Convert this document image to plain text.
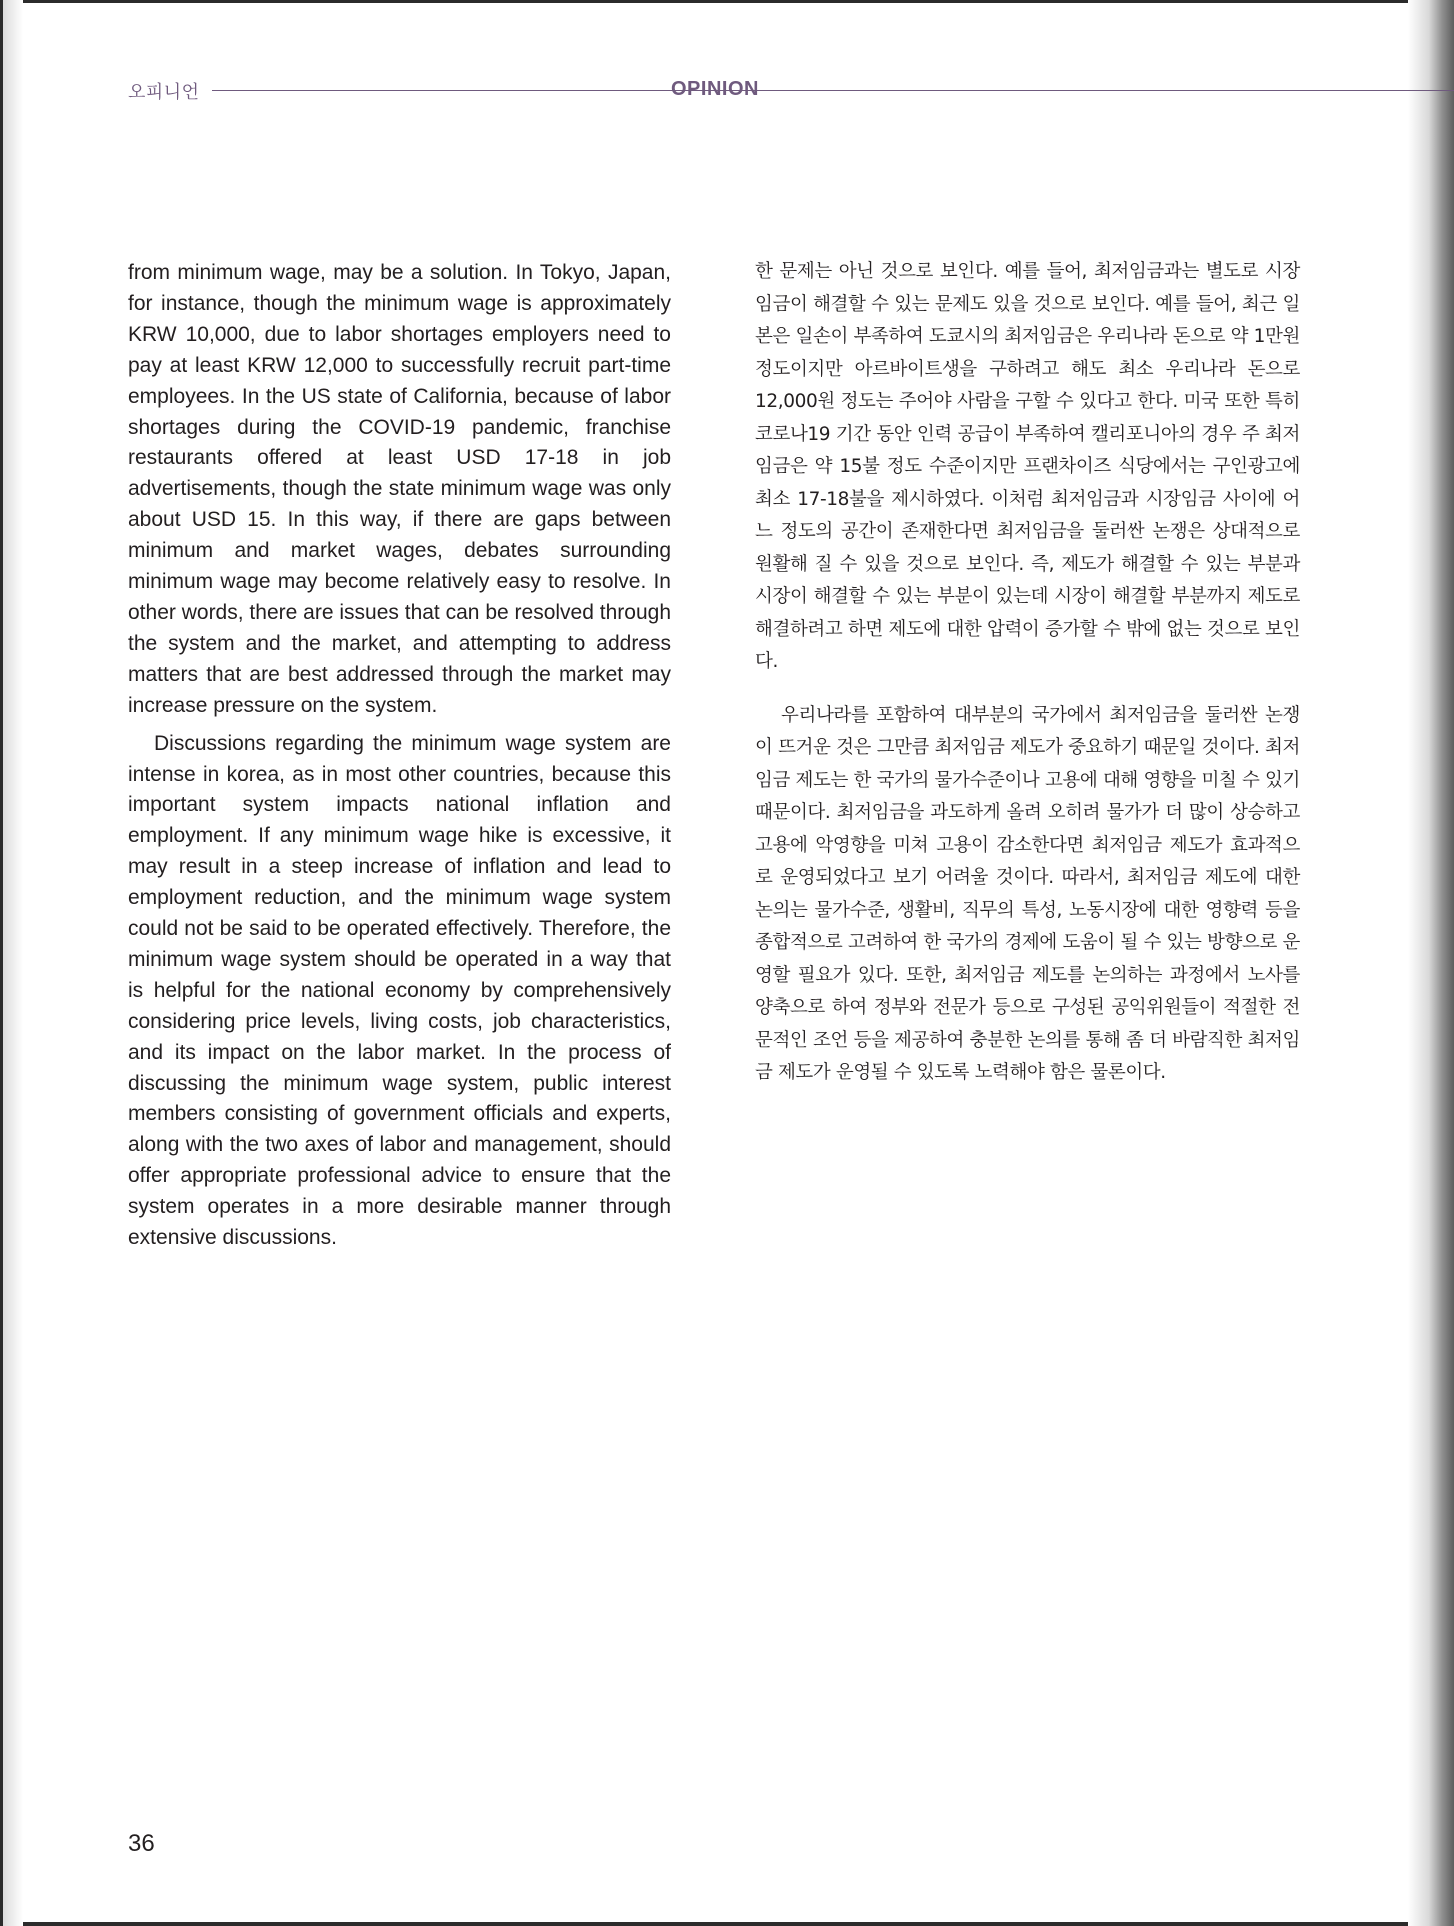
오피니언	OPINION

from minimum wage, may be a solution. In Tokyo, Japan, for instance, though the minimum wage is approximately KRW 10,000, due to labor shortages employers need to pay at least KRW 12,000 to successfully recruit part-time employees. In the US state of California, because of labor shortages during the COVID-19 pandemic, franchise restaurants offered at least USD 17-18 in job advertisements, though the state minimum wage was only about USD 15. In this way, if there are gaps between minimum and market wages, debates surrounding minimum wage may become relatively easy to resolve. In other words, there are issues that can be resolved through the system and the market, and attempting to address matters that are best addressed through the market may increase pressure on the system.

Discussions regarding the minimum wage system are intense in korea, as in most other countries, because this important system impacts national inflation and employment. If any minimum wage hike is excessive, it may result in a steep increase of inflation and lead to employment reduction, and the minimum wage system could not be said to be operated effectively. Therefore, the minimum wage system should be operated in a way that is helpful for the national economy by comprehensively considering price levels, living costs, job characteristics, and its impact on the labor market. In the process of discussing the minimum wage system, public interest members consisting of government officials and experts, along with the two axes of labor and management, should offer appropriate professional advice to ensure that the system operates in a more desirable manner through extensive discussions.

한 문제는 아닌 것으로 보인다. 예를 들어, 최저임금과는 별도로 시장임금이 해결할 수 있는 문제도 있을 것으로 보인다. 예를 들어, 최근 일본은 일손이 부족하여 도쿄시의 최저임금은 우리나라 돈으로 약 1만원 정도이지만 아르바이트생을 구하려고 해도 최소 우리나라 돈으로 12,000원 정도는 주어야 사람을 구할 수 있다고 한다. 미국 또한 특히 코로나19 기간 동안 인력 공급이 부족하여 캘리포니아의 경우 주 최저임금은 약 15불 정도 수준이지만 프랜차이즈 식당에서는 구인광고에 최소 17-18불을 제시하였다. 이처럼 최저임금과 시장임금 사이에 어느 정도의 공간이 존재한다면 최저임금을 둘러싼 논쟁은 상대적으로 원활해 질 수 있을 것으로 보인다. 즉, 제도가 해결할 수 있는 부분과 시장이 해결할 수 있는 부분이 있는데 시장이 해결할 부분까지 제도로 해결하려고 하면 제도에 대한 압력이 증가할 수 밖에 없는 것으로 보인다.

우리나라를 포함하여 대부분의 국가에서 최저임금을 둘러싼 논쟁이 뜨거운 것은 그만큼 최저임금 제도가 중요하기 때문일 것이다. 최저임금 제도는 한 국가의 물가수준이나 고용에 대해 영향을 미칠 수 있기 때문이다. 최저임금을 과도하게 올려 오히려 물가가 더 많이 상승하고 고용에 악영향을 미쳐 고용이 감소한다면 최저임금 제도가 효과적으로 운영되었다고 보기 어려울 것이다. 따라서, 최저임금 제도에 대한 논의는 물가수준, 생활비, 직무의 특성, 노동시장에 대한 영향력 등을 종합적으로 고려하여 한 국가의 경제에 도움이 될 수 있는 방향으로 운영할 필요가 있다. 또한, 최저임금 제도를 논의하는 과정에서 노사를 양축으로 하여 정부와 전문가 등으로 구성된 공익위원들이 적절한 전문적인 조언 등을 제공하여 충분한 논의를 통해 좀 더 바람직한 최저임금 제도가 운영될 수 있도록 노력해야 함은 물론이다.

36
